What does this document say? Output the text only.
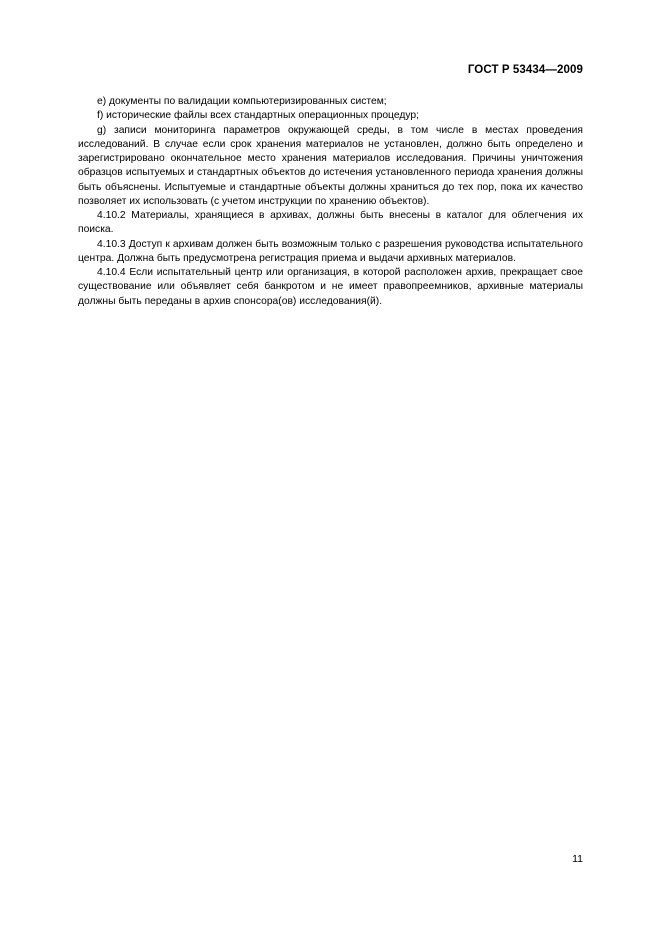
ГОСТ Р 53434—2009

е) документы по валидации компьютеризированных систем;

f) исторические файлы всех стандартных операционных процедур;

g) записи мониторинга параметров окружающей среды, в том числе в местах проведения исследований. В случае если срок хранения материалов не установлен, должно быть определено и зарегистрировано окончательное место хранения материалов исследования. Причины уничтожения образцов испытуемых и стандартных объектов до истечения установленного периода хранения должны быть объяснены. Испытуемые и стандартные объекты должны храниться до тех пор, пока их качество позволяет их использовать (с учетом инструкции по хранению объектов).

4.10.2 Материалы, хранящиеся в архивах, должны быть внесены в каталог для облегчения их поиска.

4.10.3 Доступ к архивам должен быть возможным только с разрешения руководства испытательного центра. Должна быть предусмотрена регистрация приема и выдачи архивных материалов.

4.10.4 Если испытательный центр или организация, в которой расположен архив, прекращает свое существование или объявляет себя банкротом и не имеет правопреемников, архивные материалы должны быть переданы в архив спонсора(ов) исследования(й).

11
